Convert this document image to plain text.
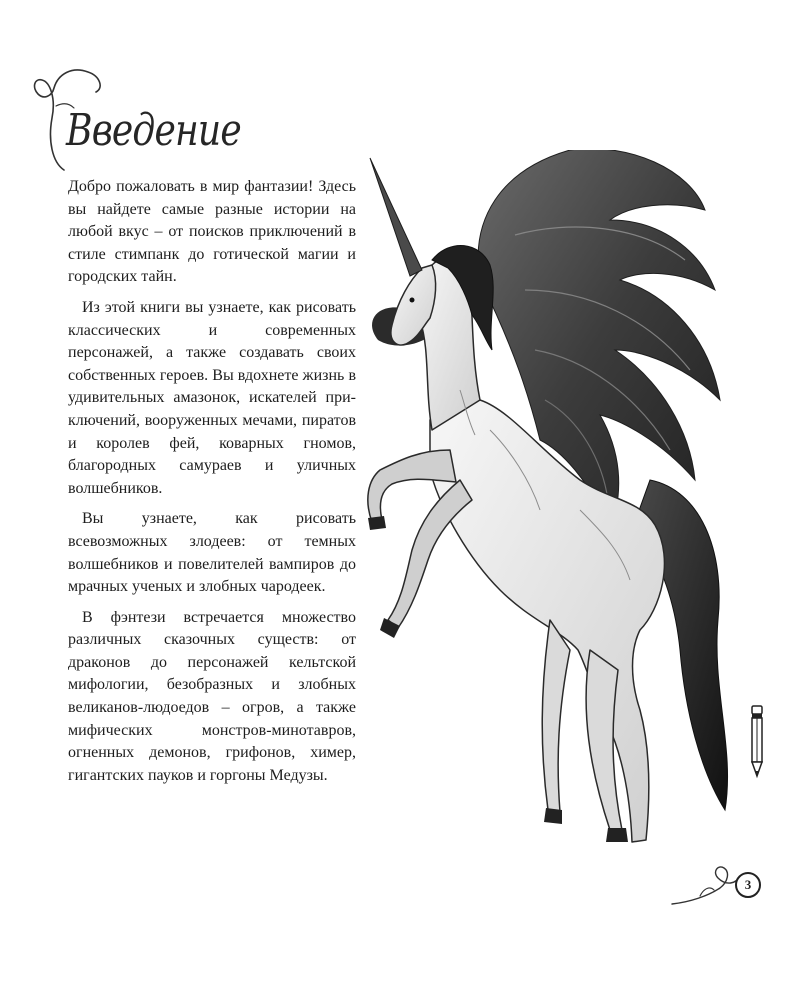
Введение

Добро пожаловать в мир фантазии! Здесь вы найдете самые разные истории на любой вкус – от поисков приключений в стиле стимпанк до готической магии и городских тайн.

Из этой книги вы узнаете, как рисовать классических и современных персонажей, а также создавать своих собственных героев. Вы вдохнете жизнь в удивительных амазонок, искателей приключений, вооруженных мечами, пиратов и королев фей, коварных гномов, благородных самураев и уличных волшебников.

Вы узнаете, как рисовать всевозможных злодеев: от темных волшебников и повелителей вампиров до мрачных ученых и злобных чародеек.

В фэнтези встречается множество различных сказочных существ: от драконов до персонажей кельтской мифологии, безобразных и злобных великанов-людоедов – огров, а также мифических монстров-минотавров, огненных демонов, грифонов, химер, гигантских пауков и горгоны Медузы.

3
